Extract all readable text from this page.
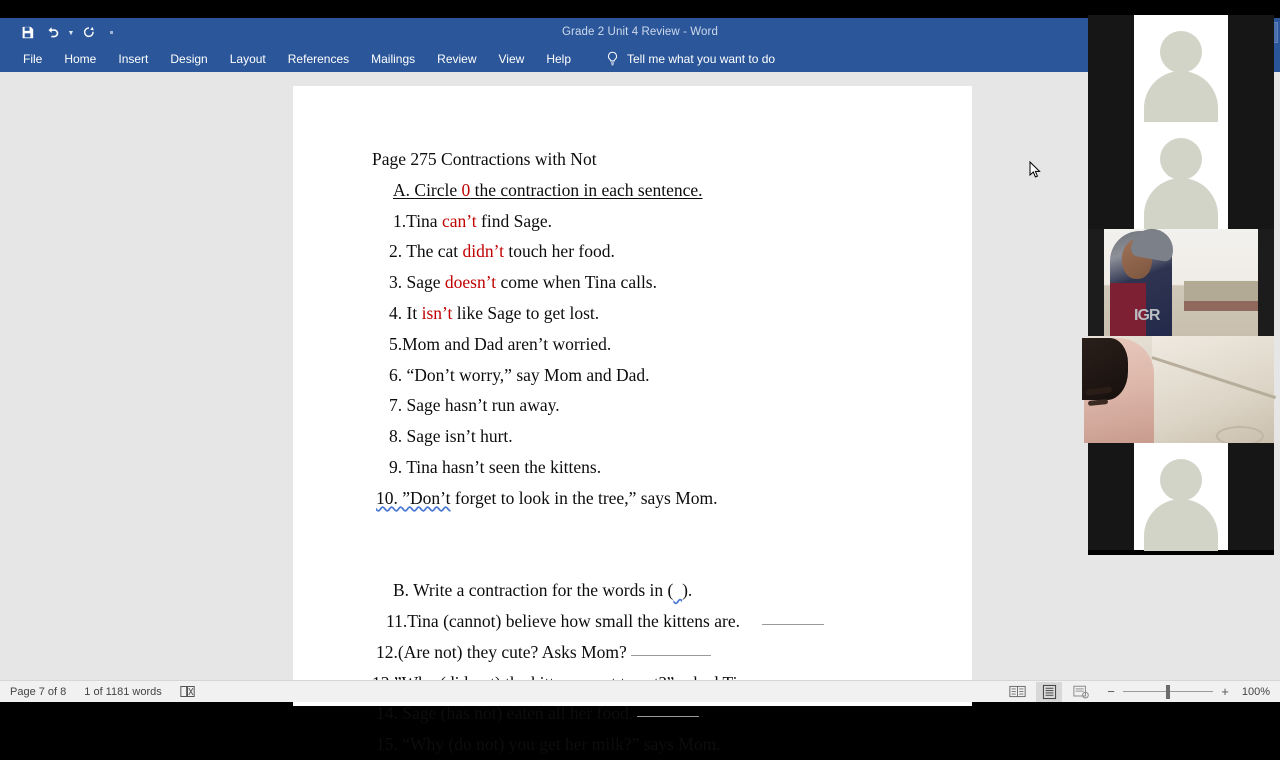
▼	Grade 2 Unit 4 Review - Word
File	Home	Insert	Design	Layout	References	Mailings	Review	View	Help	Tell me what you want to do
Page 275 Contractions with Not
A. Circle 0 the contraction in each sentence.
1.Tina can’t find Sage.
2. The cat didn’t touch her food.
3. Sage doesn’t come when Tina calls.
4. It isn’t like Sage to get lost.
5.Mom and Dad aren’t worried.
6. “Don’t worry,” say Mom and Dad.
7. Sage hasn’t run away.
8. Sage isn’t hurt.
9. Tina hasn’t seen the kittens.
10. ”Don’t forget to look in the tree,” says Mom.
B. Write a contraction for the words in ( ).
11.Tina (cannot) believe how small the kittens are.
12.(Are not) they cute? Asks Mom?

14. Sage (has not) eaten all her food.
15. “Why (do not) you get her milk?” says Mom.
Page 7 of 8 1 of 1181 words	−	+	100%
IGR
